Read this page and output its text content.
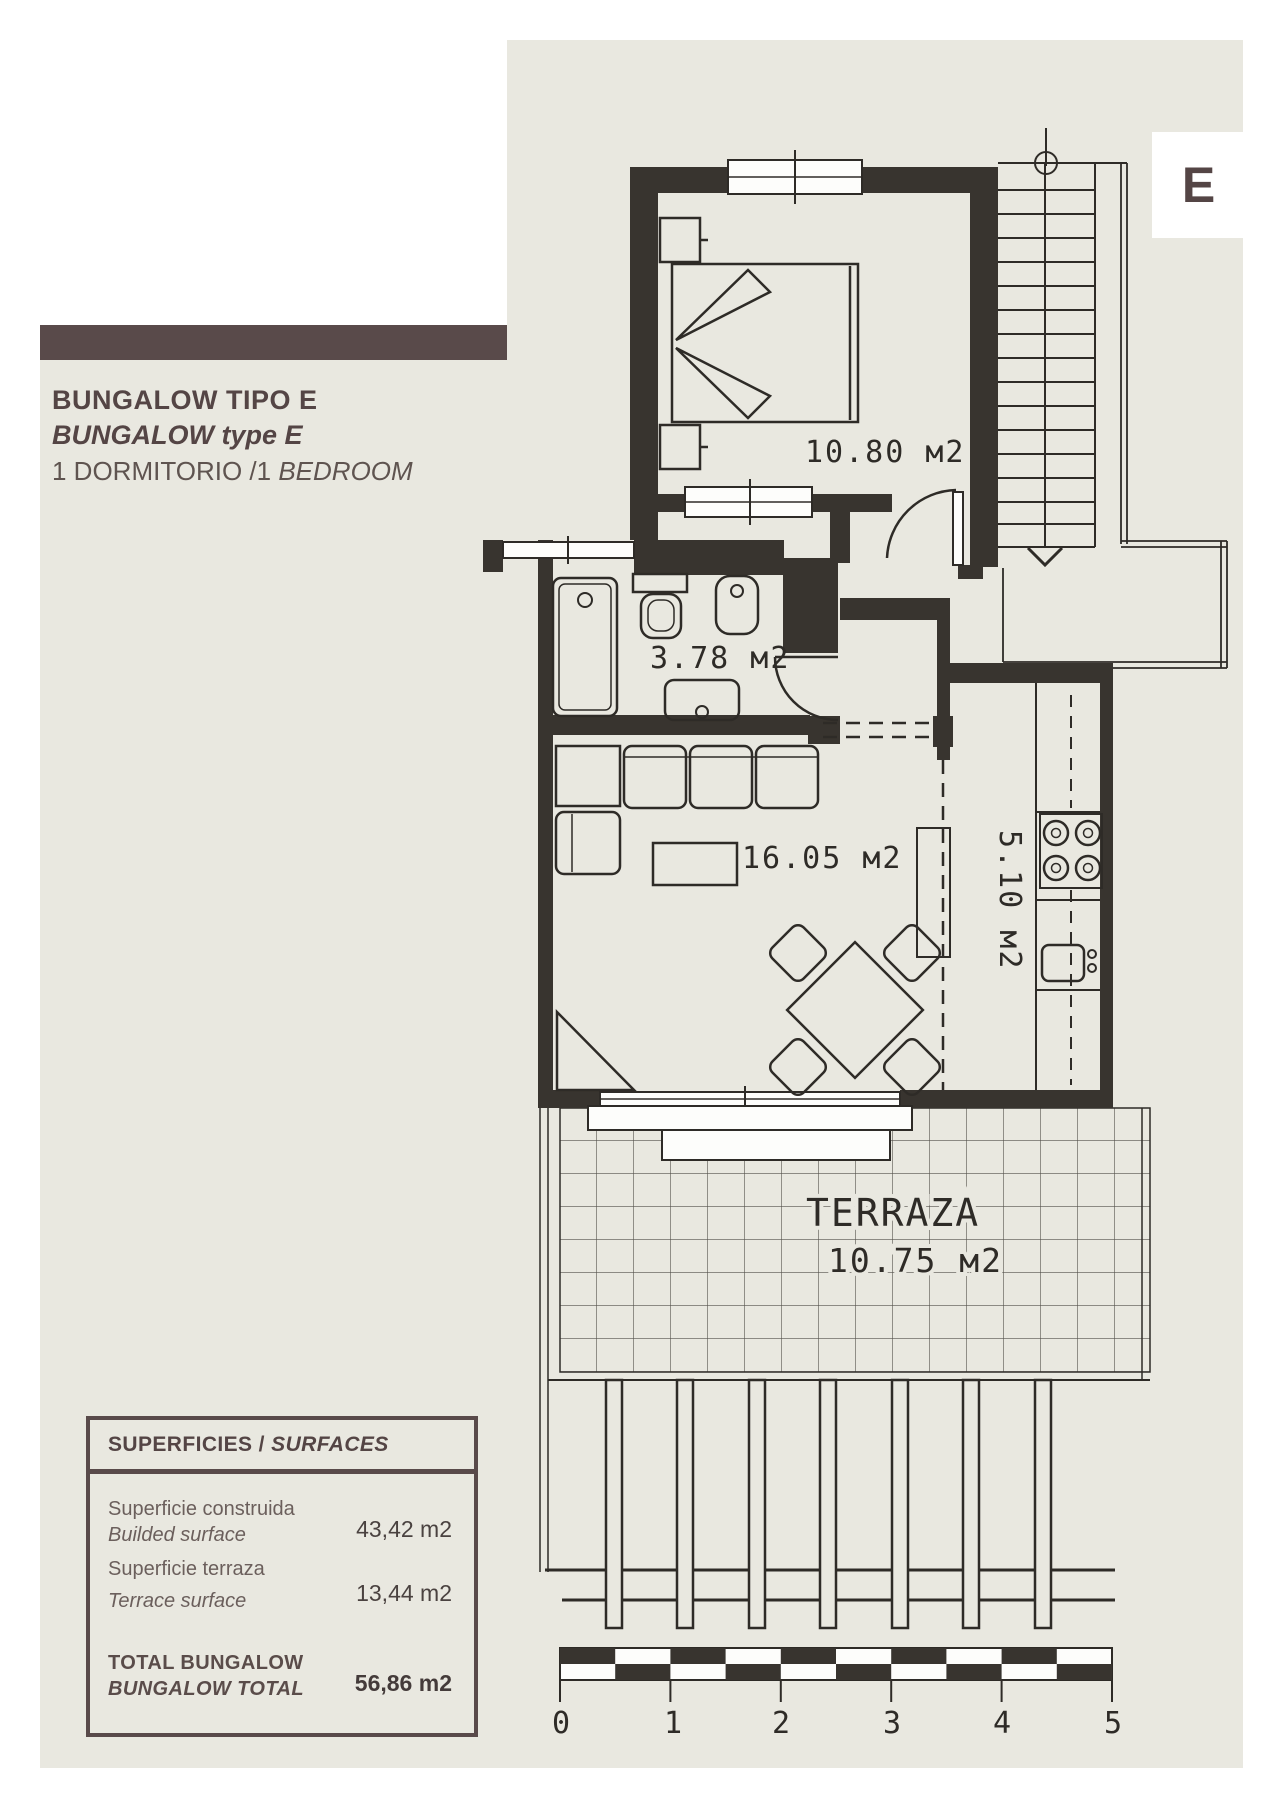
10.80 м2
3.78 м2
16.05 м2	5.10 м2
TERRAZA
10.75 м2
0	1	2	3	4	5
BUNGALOW TIPO E
BUNGALOW type E
1 DORMITORIO /1 BEDROOM
E
SUPERFICIES / SURFACES
Superficie construida
Builded surface	43,42 m2
Superficie terraza
Terrace surface	13,44 m2
TOTAL BUNGALOW
BUNGALOW TOTAL 56,86 m2
